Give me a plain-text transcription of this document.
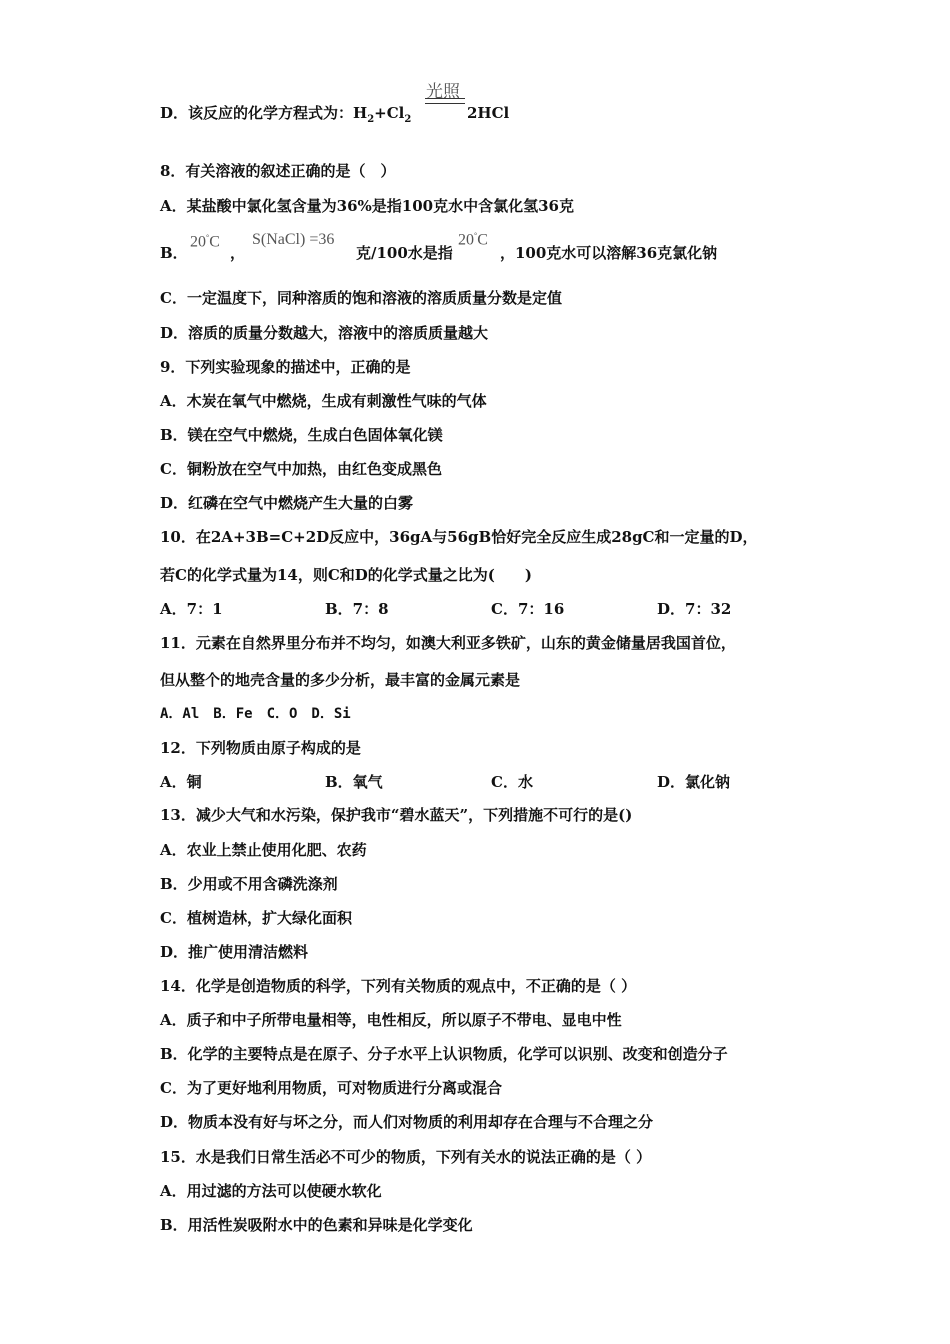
光照
D．该反应的化学方程式为：$H_2+Cl_2$	2HCl
8．有关溶液的叙述正确的是（　）
A．某盐酸中氯化氢含量为36%是指100克水中含氯化氢36克
B．
20°C
，
S(NaCl) =36
克/100水是指
20°C
，100克水可以溶解36克氯化钠
C．一定温度下，同种溶质的饱和溶液的溶质质量分数是定值
D．溶质的质量分数越大，溶液中的溶质质量越大
9．下列实验现象的描述中，正确的是
A．木炭在氧气中燃烧，生成有刺激性气味的气体
B．镁在空气中燃烧，生成白色固体氧化镁
C．铜粉放在空气中加热，由红色变成黑色
D．红磷在空气中燃烧产生大量的白雾
10．在2A+3B=C+2D反应中，36gA与56gB恰好完全反应生成28gC和一定量的D，
若C的化学式量为14，则C和D的化学式量之比为(　　)
A．7：1	B．7：8	C．7：16	D．7：32
11．元素在自然界里分布并不均匀，如澳大利亚多铁矿，山东的黄金储量居我国首位，
但从整个的地壳含量的多少分析，最丰富的金属元素是
A．Al　B．Fe　C．O　D．Si
12．下列物质由原子构成的是
A．铜	B．氧气	C．水	D．氯化钠
13．减少大气和水污染，保护我市“碧水蓝天”，下列措施不可行的是()
A．农业上禁止使用化肥、农药
B．少用或不用含磷洗涤剂
C．植树造林，扩大绿化面积
D．推广使用清洁燃料
14．化学是创造物质的科学，下列有关物质的观点中，不正确的是（ ）
A．质子和中子所带电量相等，电性相反，所以原子不带电、显电中性
B．化学的主要特点是在原子、分子水平上认识物质，化学可以识别、改变和创造分子
C．为了更好地利用物质，可对物质进行分离或混合
D．物质本没有好与坏之分，而人们对物质的利用却存在合理与不合理之分
15．水是我们日常生活必不可少的物质，下列有关水的说法正确的是（ ）
A．用过滤的方法可以使硬水软化
B．用活性炭吸附水中的色素和异味是化学变化
